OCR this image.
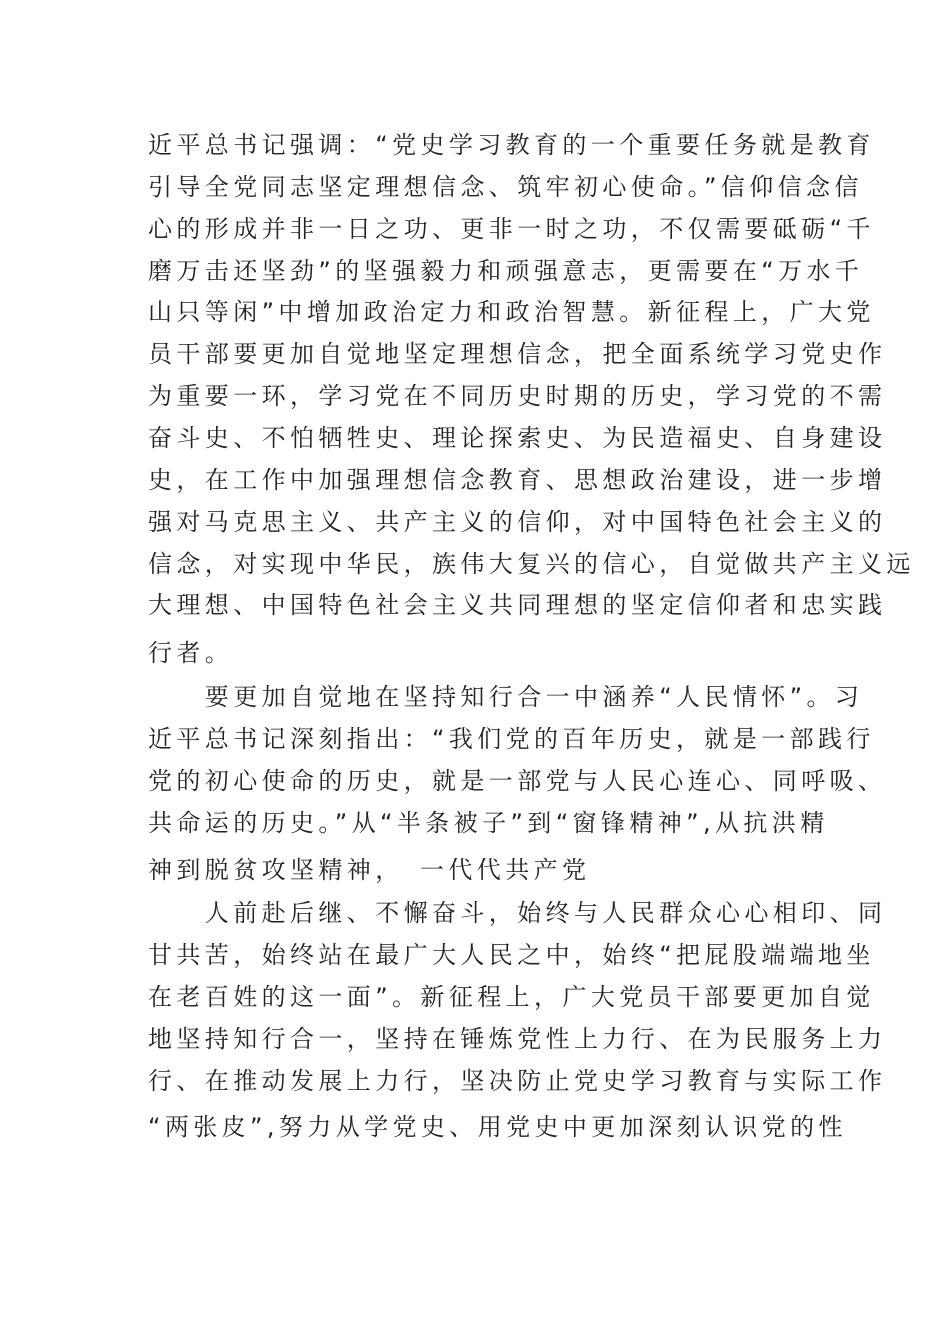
近平总书记强调：“党史学习教育的一个重要任务就是教育
引导全党同志坚定理想信念、筑牢初心使命。”信仰信念信
心的形成并非一日之功、更非一时之功，不仅需要砥砺“千
磨万击还坚劲”的坚强毅力和顽强意志，更需要在“万水千
山只等闲”中增加政治定力和政治智慧。新征程上，广大党
员干部要更加自觉地坚定理想信念，把全面系统学习党史作
为重要一环，学习党在不同历史时期的历史，学习党的不需
奋斗史、不怕牺牲史、理论探索史、为民造福史、自身建设
史，在工作中加强理想信念教育、思想政治建设，进一步增
强对马克思主义、共产主义的信仰，对中国特色社会主义的
信念，对实现中华民，族伟大复兴的信心，自觉做共产主义远
大理想、中国特色社会主义共同理想的坚定信仰者和忠实践
行者。
　　要更加自觉地在坚持知行合一中涵养“人民情怀”。习
近平总书记深刻指出：“我们党的百年历史，就是一部践行
党的初心使命的历史，就是一部党与人民心连心、同呼吸、
共命运的历史。”从“半条被子”到“窗锋精神”,从抗洪精
神到脱贫攻坚精神，　一代代共产党
　　人前赴后继、不懈奋斗，始终与人民群众心心相印、同
甘共苦，始终站在最广大人民之中，始终“把屁股端端地坐
在老百姓的这一面”。新征程上，广大党员干部要更加自觉
地坚持知行合一，坚持在锤炼党性上力行、在为民服务上力
行、在推动发展上力行，坚决防止党史学习教育与实际工作
“两张皮”,努力从学党史、用党史中更加深刻认识党的性
